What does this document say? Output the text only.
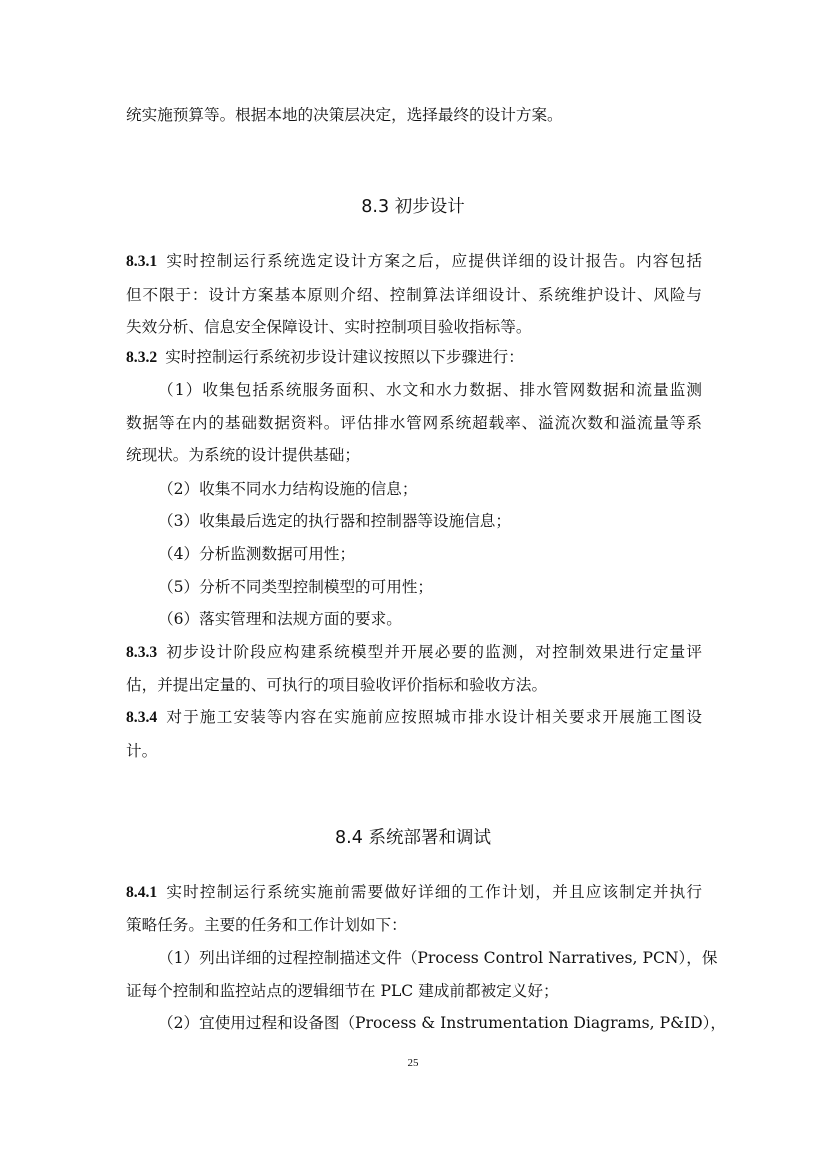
统实施预算等。根据本地的决策层决定，选择最终的设计方案。
8.3 初步设计
8.3.1 实时控制运行系统选定设计方案之后，应提供详细的设计报告。内容包括
但不限于：设计方案基本原则介绍、控制算法详细设计、系统维护设计、风险与
失效分析、信息安全保障设计、实时控制项目验收指标等。
8.3.2 实时控制运行系统初步设计建议按照以下步骤进行：
（1）收集包括系统服务面积、水文和水力数据、排水管网数据和流量监测
数据等在内的基础数据资料。评估排水管网系统超载率、溢流次数和溢流量等系
统现状。为系统的设计提供基础；
（2）收集不同水力结构设施的信息；
（3）收集最后选定的执行器和控制器等设施信息；
（4）分析监测数据可用性；
（5）分析不同类型控制模型的可用性；
（6）落实管理和法规方面的要求。
8.3.3 初步设计阶段应构建系统模型并开展必要的监测，对控制效果进行定量评
估，并提出定量的、可执行的项目验收评价指标和验收方法。
8.3.4 对于施工安装等内容在实施前应按照城市排水设计相关要求开展施工图设
计。
8.4 系统部署和调试
8.4.1 实时控制运行系统实施前需要做好详细的工作计划，并且应该制定并执行
策略任务。主要的任务和工作计划如下：
（1）列出详细的过程控制描述文件（Process Control Narratives, PCN），保
证每个控制和监控站点的逻辑细节在 PLC 建成前都被定义好；
（2）宜使用过程和设备图（Process & Instrumentation Diagrams, P&ID），
25
